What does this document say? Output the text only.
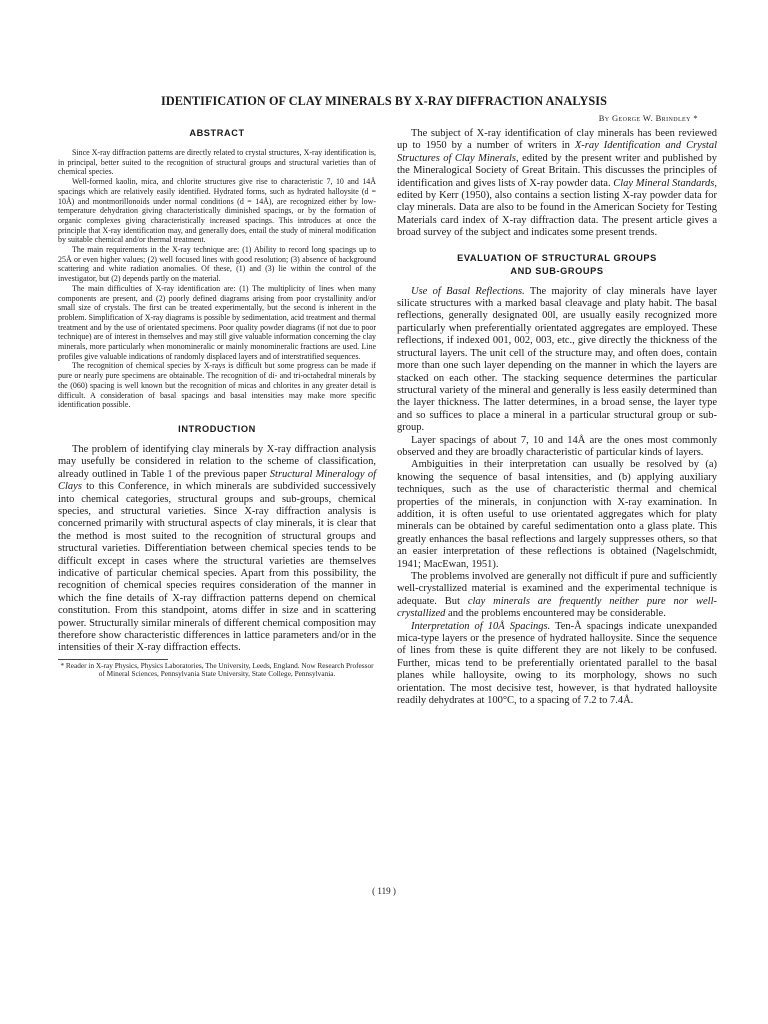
IDENTIFICATION OF CLAY MINERALS BY X-RAY DIFFRACTION ANALYSIS
By George W. Brindley *
ABSTRACT

Since X-ray diffraction patterns are directly related to crystal structures, X-ray identification is, in principal, better suited to the recognition of structural groups and structural varieties than of chemical species.

Well-formed kaolin, mica, and chlorite structures give rise to characteristic 7, 10 and 14Å spacings which are relatively easily identified. Hydrated forms, such as hydrated halloysite (d = 10Å) and montmorillonoids under normal conditions (d = 14Å), are recognized either by low-temperature dehydration giving characteristically diminished spacings, or by the formation of organic complexes giving characteristically increased spacings. This introduces at once the principle that X-ray identification may, and generally does, entail the study of mineral modification by suitable chemical and/or thermal treatment.

The main requirements in the X-ray technique are: (1) Ability to record long spacings up to 25Å or even higher values; (2) well focused lines with good resolution; (3) absence of background scattering and white radiation anomalies. Of these, (1) and (3) lie within the control of the investigator, but (2) depends partly on the material.

The main difficulties of X-ray identification are: (1) The multiplicity of lines when many components are present, and (2) poorly defined diagrams arising from poor crystallinity and/or small size of crystals. The first can be treated experimentally, but the second is inherent in the problem. Simplification of X-ray diagrams is possible by sedimentation, acid treatment and thermal treatment and by the use of orientated specimens. Poor quality powder diagrams (if not due to poor technique) are of interest in themselves and may still give valuable information concerning the clay minerals, more particularly when monomineralic or mainly monomineralic fractions are used. Line profiles give valuable indications of randomly displaced layers and of interstratified sequences.

The recognition of chemical species by X-rays is difficult but some progress can be made if pure or nearly pure specimens are obtainable. The recognition of di- and tri-octahedral minerals by the (060) spacing is well known but the recognition of micas and chlorites in any greater detail is difficult. A consideration of basal spacings and basal intensities may make more specific identification possible.

INTRODUCTION

The problem of identifying clay minerals by X-ray diffraction analysis may usefully be considered in relation to the scheme of classification, already outlined in Table 1 of the previous paper Structural Mineralogy of Clays to this Conference, in which minerals are subdivided successively into chemical categories, structural groups and sub-groups, chemical species, and structural varieties. Since X-ray diffraction analysis is concerned primarily with structural aspects of clay minerals, it is clear that the method is most suited to the recognition of structural groups and structural varieties. Differentiation between chemical species tends to be difficult except in cases where the structural varieties are themselves indicative of particular chemical species. Apart from this possibility, the recognition of chemical species requires consideration of the manner in which the fine details of X-ray diffraction patterns depend on chemical constitution. From this standpoint, atoms differ in size and in scattering power. Structurally similar minerals of different chemical composition may therefore show characteristic differences in lattice parameters and/or in the intensities of their X-ray diffraction effects.

* Reader in X-ray Physics, Physics Laboratories, The University, Leeds, England. Now Research Professor of Mineral Sciences, Pennsylvania State University, State College, Pennsylvania.

The subject of X-ray identification of clay minerals has been reviewed up to 1950 by a number of writers in X-ray Identification and Crystal Structures of Clay Minerals, edited by the present writer and published by the Mineralogical Society of Great Britain. This discusses the principles of identification and gives lists of X-ray powder data. Clay Mineral Standards, edited by Kerr (1950), also contains a section listing X-ray powder data for clay minerals. Data are also to be found in the American Society for Testing Materials card index of X-ray diffraction data. The present article gives a broad survey of the subject and indicates some present trends.

EVALUATION OF STRUCTURAL GROUPS
AND SUB-GROUPS

Use of Basal Reflections. The majority of clay minerals have layer silicate structures with a marked basal cleavage and platy habit. The basal reflections, generally designated 00l, are usually easily recognized more particularly when preferentially orientated aggregates are employed. These reflections, if indexed 001, 002, 003, etc., give directly the thickness of the structural layers. The unit cell of the structure may, and often does, contain more than one such layer depending on the manner in which the layers are stacked on each other. The stacking sequence determines the particular structural variety of the mineral and generally is less easily determined than the layer thickness. The latter determines, in a broad sense, the layer type and so suffices to place a mineral in a particular structural group or sub-group.

Layer spacings of about 7, 10 and 14Å are the ones most commonly observed and they are broadly characteristic of particular kinds of layers.

Ambiguities in their interpretation can usually be resolved by (a) knowing the sequence of basal intensities, and (b) applying auxiliary techniques, such as the use of characteristic thermal and chemical properties of the minerals, in conjunction with X-ray examination. In addition, it is often useful to use orientated aggregates which for platy minerals can be obtained by careful sedimentation onto a glass plate. This greatly enhances the basal reflections and largely suppresses others, so that an easier interpretation of these reflections is obtained (Nagelschmidt, 1941; MacEwan, 1951).

The problems involved are generally not difficult if pure and sufficiently well-crystallized material is examined and the experimental technique is adequate. But clay minerals are frequently neither pure nor well-crystallized and the problems encountered may be considerable.

Interpretation of 10Å Spacings. Ten-Å spacings indicate unexpanded mica-type layers or the presence of hydrated halloysite. Since the sequence of lines from these is quite different they are not likely to be confused. Further, micas tend to be preferentially orientated parallel to the basal planes while halloysite, owing to its morphology, shows no such orientation. The most decisive test, however, is that hydrated halloysite readily dehydrates at 100°C, to a spacing of 7.2 to 7.4Å.

( 119 )
